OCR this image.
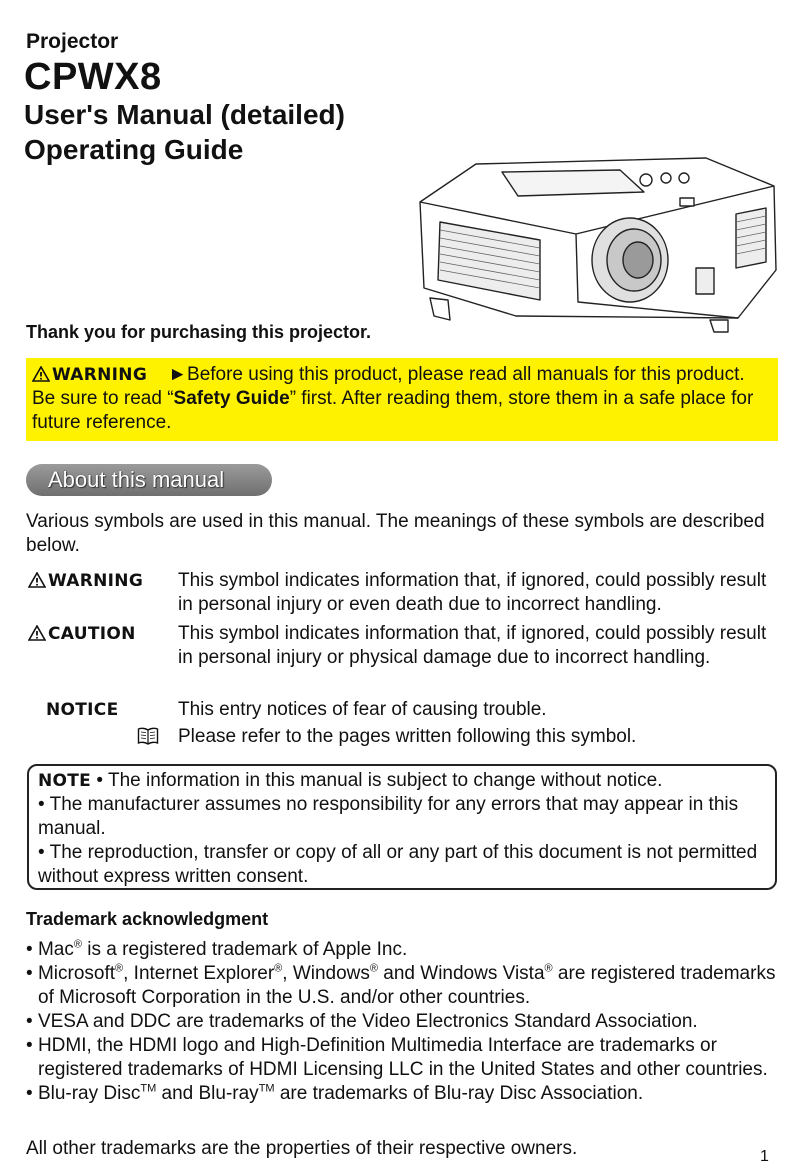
Projector
CPWX8
User's Manual (detailed)
Operating Guide
Thank you for purchasing this projector.
WARNING ►Before using this product, please read all manuals for this product. Be sure to read “Safety Guide” first. After reading them, store them in a safe place for future reference.
About this manual
Various symbols are used in this manual. The meanings of these symbols are described below.
WARNING This symbol indicates information that, if ignored, could possibly result in personal injury or even death due to incorrect handling.
CAUTION This symbol indicates information that, if ignored, could possibly result in personal injury or physical damage due to incorrect handling.
NOTICE	This entry notices of fear of causing trouble.
Please refer to the pages written following this symbol.
NOTE • The information in this manual is subject to change without notice.
• The manufacturer assumes no responsibility for any errors that may appear in this manual.
• The reproduction, transfer or copy of all or any part of this document is not permitted without express written consent.
Trademark acknowledgment
• Mac® is a registered trademark of Apple Inc.
• Microsoft®, Internet Explorer®, Windows® and Windows Vista® are registered trademarks of Microsoft Corporation in the U.S. and/or other countries.
• VESA and DDC are trademarks of the Video Electronics Standard Association.
• HDMI, the HDMI logo and High-Definition Multimedia Interface are trademarks or registered trademarks of HDMI Licensing LLC in the United States and other countries.
• Blu-ray Disc™ and Blu-ray™ are trademarks of Blu-ray Disc Association.
All other trademarks are the properties of their respective owners.	1
